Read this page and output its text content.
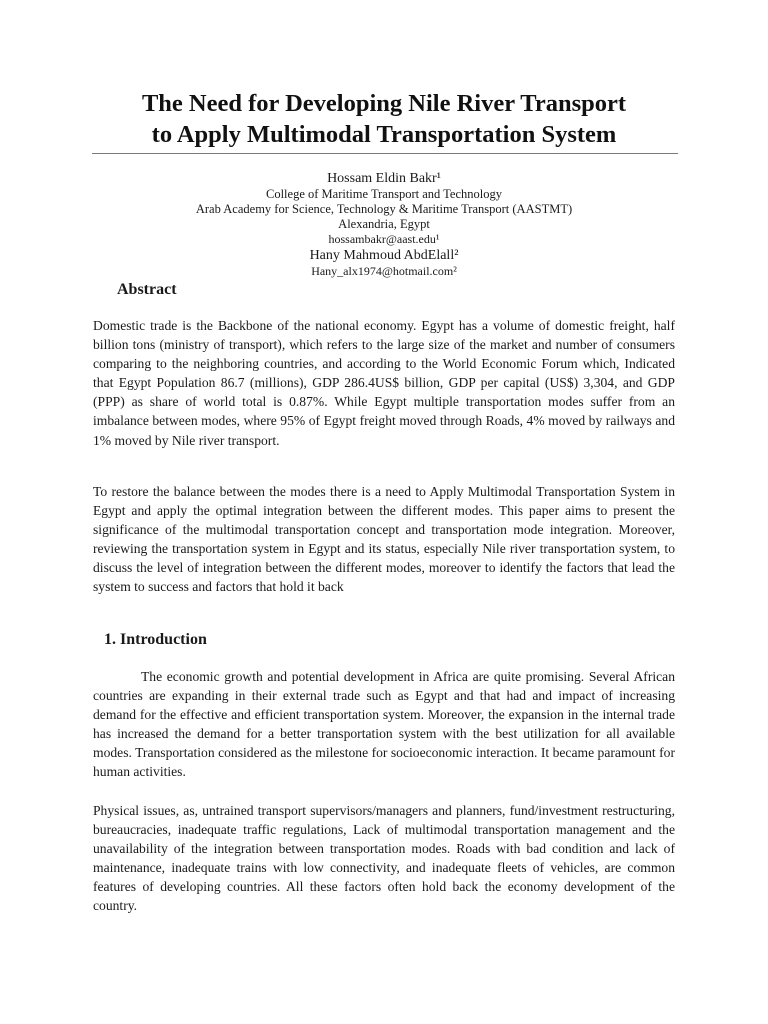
The Need for Developing Nile River Transport
to Apply Multimodal Transportation System
Hossam Eldin Bakr¹
College of Maritime Transport and Technology
Arab Academy for Science, Technology & Maritime Transport (AASTMT)
Alexandria, Egypt
hossambakr@aast.edu¹
Hany Mahmoud AbdElall²
Hany_alx1974@hotmail.com²
Abstract

Domestic trade is the Backbone of the national economy. Egypt has a volume of domestic freight, half billion tons (ministry of transport), which refers to the large size of the market and number of consumers comparing to the neighboring countries, and according to the World Economic Forum which, Indicated that Egypt Population 86.7 (millions), GDP 286.4US$ billion, GDP per capital (US$) 3,304, and GDP (PPP) as share of world total is 0.87%. While Egypt multiple transportation modes suffer from an imbalance between modes, where 95% of Egypt freight moved through Roads, 4% moved by railways and 1% moved by Nile river transport.

To restore the balance between the modes there is a need to Apply Multimodal Transportation System in Egypt and apply the optimal integration between the different modes. This paper aims to present the significance of the multimodal transportation concept and transportation mode integration. Moreover, reviewing the transportation system in Egypt and its status, especially Nile river transportation system, to discuss the level of integration between the different modes, moreover to identify the factors that lead the system to success and factors that hold it back

1. Introduction

The economic growth and potential development in Africa are quite promising. Several African countries are expanding in their external trade such as Egypt and that had and impact of increasing demand for the effective and efficient transportation system. Moreover, the expansion in the internal trade has increased the demand for a better transportation system with the best utilization for all available modes. Transportation considered as the milestone for socioeconomic interaction. It became paramount for human activities.

Physical issues, as, untrained transport supervisors/managers and planners, fund/investment restructuring, bureaucracies, inadequate traffic regulations, Lack of multimodal transportation management and the unavailability of the integration between transportation modes. Roads with bad condition and lack of maintenance, inadequate trains with low connectivity, and inadequate fleets of vehicles, are common features of developing countries. All these factors often hold back the economy development of the country.
